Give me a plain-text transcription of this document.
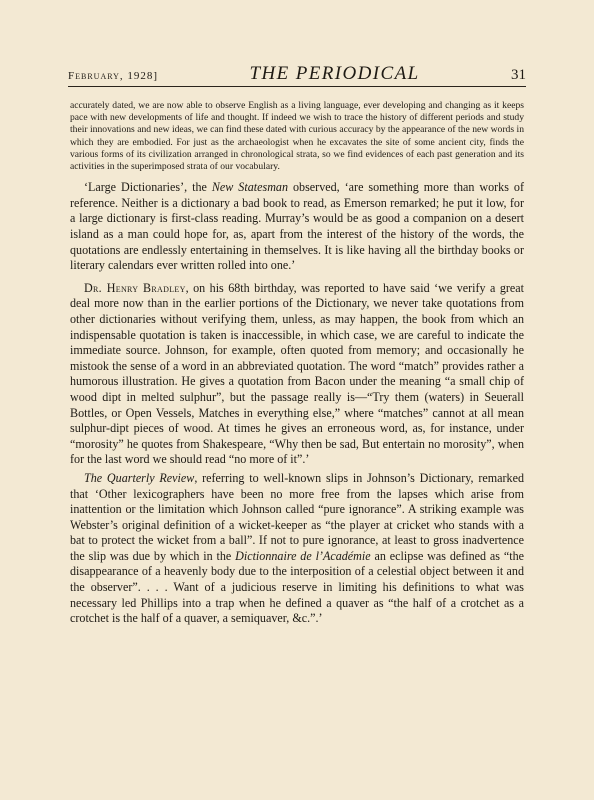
February, 1928]	THE PERIODICAL	31

accurately dated, we are now able to observe English as a living language, ever developing and changing as it keeps pace with new developments of life and thought. If indeed we wish to trace the history of different periods and study their innovations and new ideas, we can find these dated with curious accuracy by the appearance of the new words in which they are embodied. For just as the archaeologist when he excavates the site of some ancient city, finds the various forms of its civilization arranged in chronological strata, so we find evidences of each past generation and its activities in the superimposed strata of our vocabulary.

‘Large Dictionaries’, the New Statesman observed, ‘are something more than works of reference. Neither is a dictionary a bad book to read, as Emerson remarked; he put it low, for a large dictionary is first-class reading. Murray’s would be as good a companion on a desert island as a man could hope for, as, apart from the interest of the history of the words, the quotations are endlessly entertaining in themselves. It is like having all the birthday books or literary calendars ever written rolled into one.’

Dr. Henry Bradley, on his 68th birthday, was reported to have said ‘we verify a great deal more now than in the earlier portions of the Dictionary, we never take quotations from other dictionaries without verifying them, unless, as may happen, the book from which an indispensable quotation is taken is inaccessible, in which case, we are careful to indicate the immediate source. Johnson, for example, often quoted from memory; and occasionally he mistook the sense of a word in an abbreviated quotation. The word “match” provides rather a humorous illustration. He gives a quotation from Bacon under the meaning “a small chip of wood dipt in melted sulphur”, but the passage really is—“Try them (waters) in Seuerall Bottles, or Open Vessels, Matches in everything else,” where “matches” cannot at all mean sulphur-dipt pieces of wood. At times he gives an erroneous word, as, for instance, under “morosity” he quotes from Shakespeare, “Why then be sad, But entertain no morosity”, when for the last word we should read “no more of it”.’

The Quarterly Review, referring to well-known slips in Johnson’s Dictionary, remarked that ‘Other lexicographers have been no more free from the lapses which arise from inattention or the limitation which Johnson called “pure ignorance”. A striking example was Webster’s original definition of a wicket-keeper as “the player at cricket who stands with a bat to protect the wicket from a ball”. If not to pure ignorance, at least to gross inadvertence the slip was due by which in the Dictionnaire de l’Académie an eclipse was defined as “the disappearance of a heavenly body due to the interposition of a celestial object between it and the observer”. . . . Want of a judicious reserve in limiting his definitions to what was necessary led Phillips into a trap when he defined a quaver as “the half of a crotchet as a crotchet is the half of a quaver, a semiquaver, &c.”.’
